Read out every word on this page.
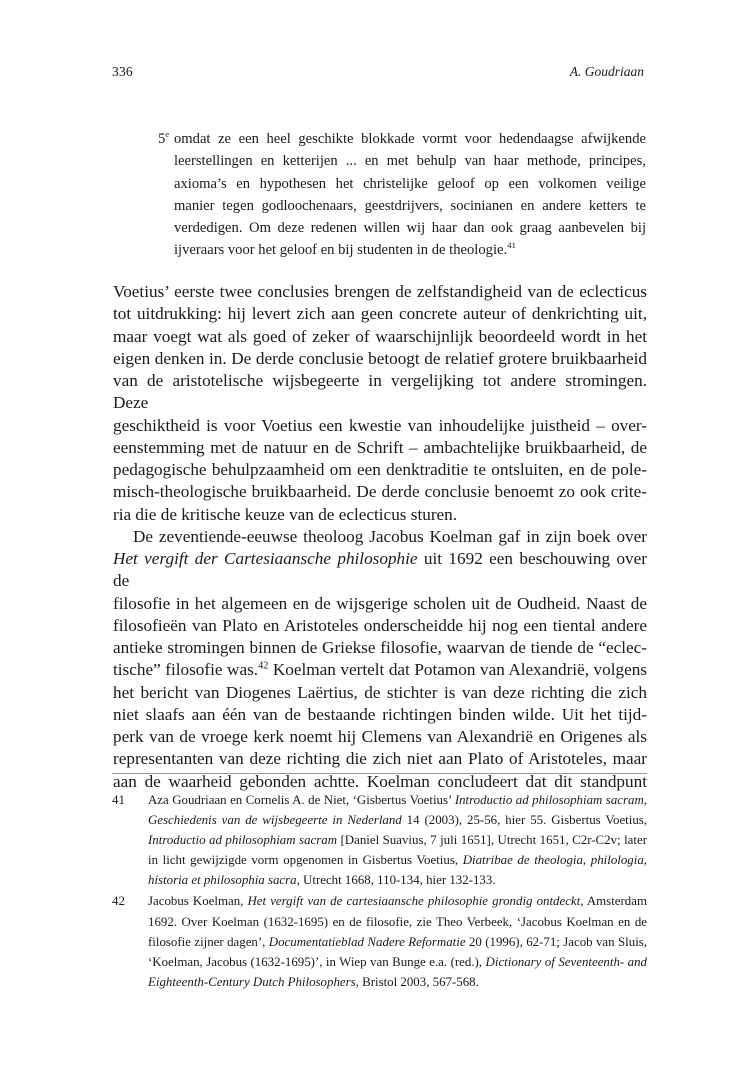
336	A. Goudriaan
5e omdat ze een heel geschikte blokkade vormt voor hedendaagse afwijkende
leerstellingen en ketterijen ... en met behulp van haar methode, principes,
axioma’s en hypothesen het christelijke geloof op een volkomen veilige
manier tegen godloochenaars, geestdrijvers, socinianen en andere ketters te
verdedigen. Om deze redenen willen wij haar dan ook graag aanbevelen bij
ijveraars voor het geloof en bij studenten in de theologie.$^{41}$

Voetius’ eerste twee conclusies brengen de zelfstandigheid van de eclecticus
tot uitdrukking: hij levert zich aan geen concrete auteur of denkrichting uit,
maar voegt wat als goed of zeker of waarschijnlijk beoordeeld wordt in het
eigen denken in. De derde conclusie betoogt de relatief grotere bruikbaarheid
van de aristotelische wijsbegeerte in vergelijking tot andere stromingen. Deze
geschiktheid is voor Voetius een kwestie van inhoudelijke juistheid – over-
eenstemming met de natuur en de Schrift – ambachtelijke bruikbaarheid, de
pedagogische behulpzaamheid om een denktraditie te ontsluiten, en de pole-
misch-theologische bruikbaarheid. De derde conclusie benoemt zo ook crite-
ria die de kritische keuze van de eclecticus sturen.

De zeventiende-eeuwse theoloog Jacobus Koelman gaf in zijn boek over
Het vergift der Cartesiaansche philosophie uit 1692 een beschouwing over de
filosofie in het algemeen en de wijsgerige scholen uit de Oudheid. Naast de
filosofieën van Plato en Aristoteles onderscheidde hij nog een tiental andere
antieke stromingen binnen de Griekse filosofie, waarvan de tiende de “eclec-
tische” filosofie was.$^{42}$ Koelman vertelt dat Potamon van Alexandrië, volgens
het bericht van Diogenes Laërtius, de stichter is van deze richting die zich
niet slaafs aan één van de bestaande richtingen binden wilde. Uit het tijd-
perk van de vroege kerk noemt hij Clemens van Alexandrië en Origenes als
representanten van deze richting die zich niet aan Plato of Aristoteles, maar
aan de waarheid gebonden achtte. Koelman concludeert dat dit standpunt

41 Aza Goudriaan en Cornelis A. de Niet, ‘Gisbertus Voetius’ Introductio ad philosophiam sacram, Geschiedenis van de wijsbegeerte in Nederland 14 (2003), 25-56, hier 55. Gisbertus Voetius, Introductio ad philosophiam sacram [Daniel Suavius, 7 juli 1651], Utrecht 1651, C2r-C2v; later in licht gewijzigde vorm opgenomen in Gisbertus Voetius, Diatribae de theologia, philologia, historia et philosophia sacra, Utrecht 1668, 110-134, hier 132-133.
42 Jacobus Koelman, Het vergift van de cartesiaansche philosophie grondig ontdeckt, Amsterdam 1692. Over Koelman (1632-1695) en de filosofie, zie Theo Verbeek, ‘Jacobus Koelman en de filosofie zijner dagen’, Documentatieblad Nadere Reformatie 20 (1996), 62-71; Jacob van Sluis, ‘Koelman, Jacobus (1632-1695)’, in Wiep van Bunge e.a. (red.), Dictionary of Seventeenth- and Eighteenth-Century Dutch Philosophers, Bristol 2003, 567-568.
